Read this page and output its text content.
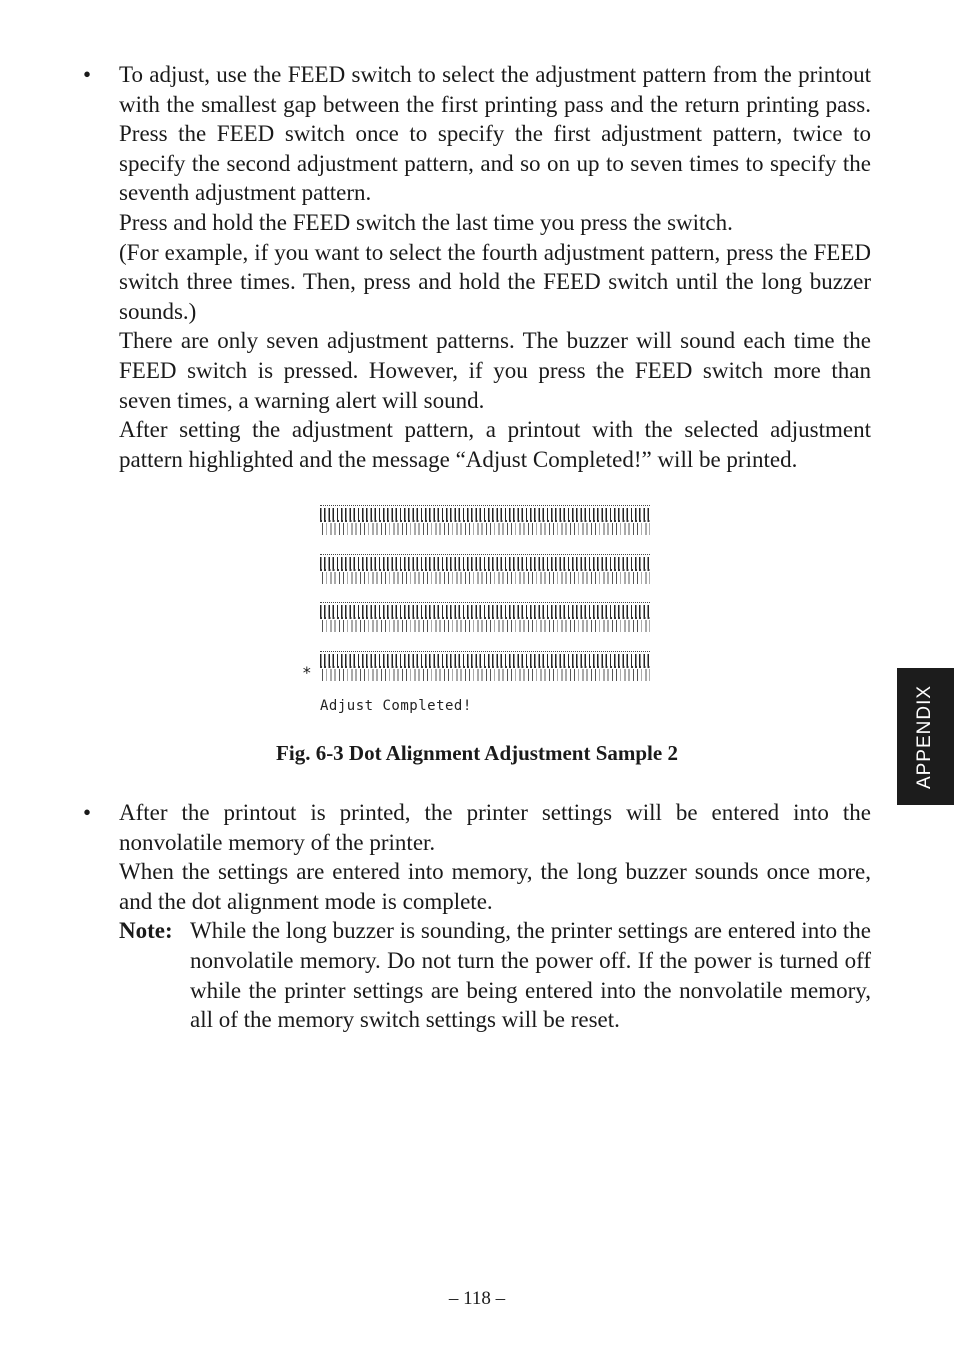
•	To adjust, use the FEED switch to select the adjustment pattern from the printout with the smallest gap between the first printing pass and the return printing pass. Press the FEED switch once to specify the first adjustment pattern, twice to specify the second adjustment pattern, and so on up to seven times to specify the seventh adjustment pattern.

Press and hold the FEED switch the last time you press the switch.

(For example, if you want to select the fourth adjustment pattern, press the FEED switch three times. Then, press and hold the FEED switch until the long buzzer sounds.)

There are only seven adjustment patterns. The buzzer will sound each time the FEED switch is pressed. However, if you press the FEED switch more than seven times, a warning alert will sound.

After setting the adjustment pattern, a printout with the selected adjustment pattern highlighted and the message “Adjust Completed!” will be printed.

*
Adjust Completed!
Fig. 6-3 Dot Alignment Adjustment Sample 2
•	After the printout is printed, the printer settings will be entered into the nonvolatile memory of the printer.

When the settings are entered into memory, the long buzzer sounds once more, and the dot alignment mode is complete.

Note: While the long buzzer is sounding, the printer settings are entered into the nonvolatile memory. Do not turn the power off. If the power is turned off while the printer settings are being entered into the nonvolatile memory, all of the memory switch settings will be reset.
APPENDIX
– 118 –
